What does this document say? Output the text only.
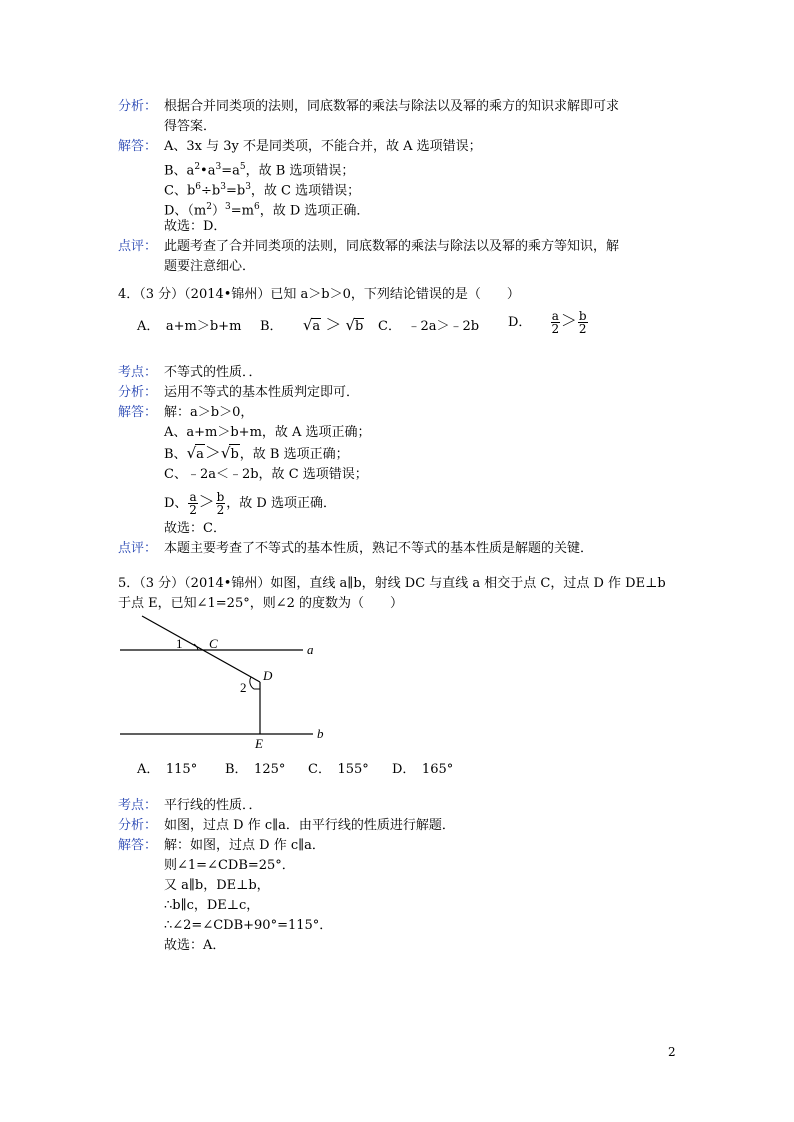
分析： 根据合并同类项的法则，同底数幂的乘法与除法以及幂的乘方的知识求解即可求
得答案．
解答： A、3x 与 3y 不是同类项，不能合并，故 A 选项错误；
B、$a^2•a^3=a^5$，故 B 选项错误；
C、$b^6\div b^3=b^3$，故 C 选项错误；
D、$(m^2)^3=m^6$，故 D 选项正确．
故选：D．
点评： 此题考查了合并同类项的法则，同底数幂的乘法与除法以及幂的乘方等知识，解
题要注意细心．
4．（3 分）（2014•锦州）已知 a＞b＞0，下列结论错误的是（　　）
A．　a+m＞b+m B． √a ＞ √b C．　﹣2a＞﹣2b D． $\frac{a}{2} > \frac{b}{2}$
考点： 不等式的性质．．
分析： 运用不等式的基本性质判定即可．
解答： 解：a＞b＞0，
A、a+m＞b+m，故 A 选项正确；
B、√a＞√b，故 B 选项正确；
C、﹣2a＜﹣2b，故 C 选项错误；
D、 $\frac{a}{2} > \frac{b}{2}$ ，故 D 选项正确．
故选：C．
点评： 本题主要考查了不等式的基本性质，熟记不等式的基本性质是解题的关键．
5．（3 分）（2014•锦州）如图，直线 a∥b，射线 DC 与直线 a 相交于点 C，过点 D 作 DE⊥b
于点 E，已知∠1=25°，则∠2 的度数为（　　）
1 C	a
D
2
E
b
A．　115° B．　125° C．　155° D．　165°
考点： 平行线的性质．．
分析： 如图，过点 D 作 c∥a．由平行线的性质进行解题．
解答： 解：如图，过点 D 作 c∥a．
则∠1=∠CDB=25°．
又 a∥b，DE⊥b，
∴b∥c，DE⊥c，
∴∠2=∠CDB+90°=115°．
故选：A．
2
